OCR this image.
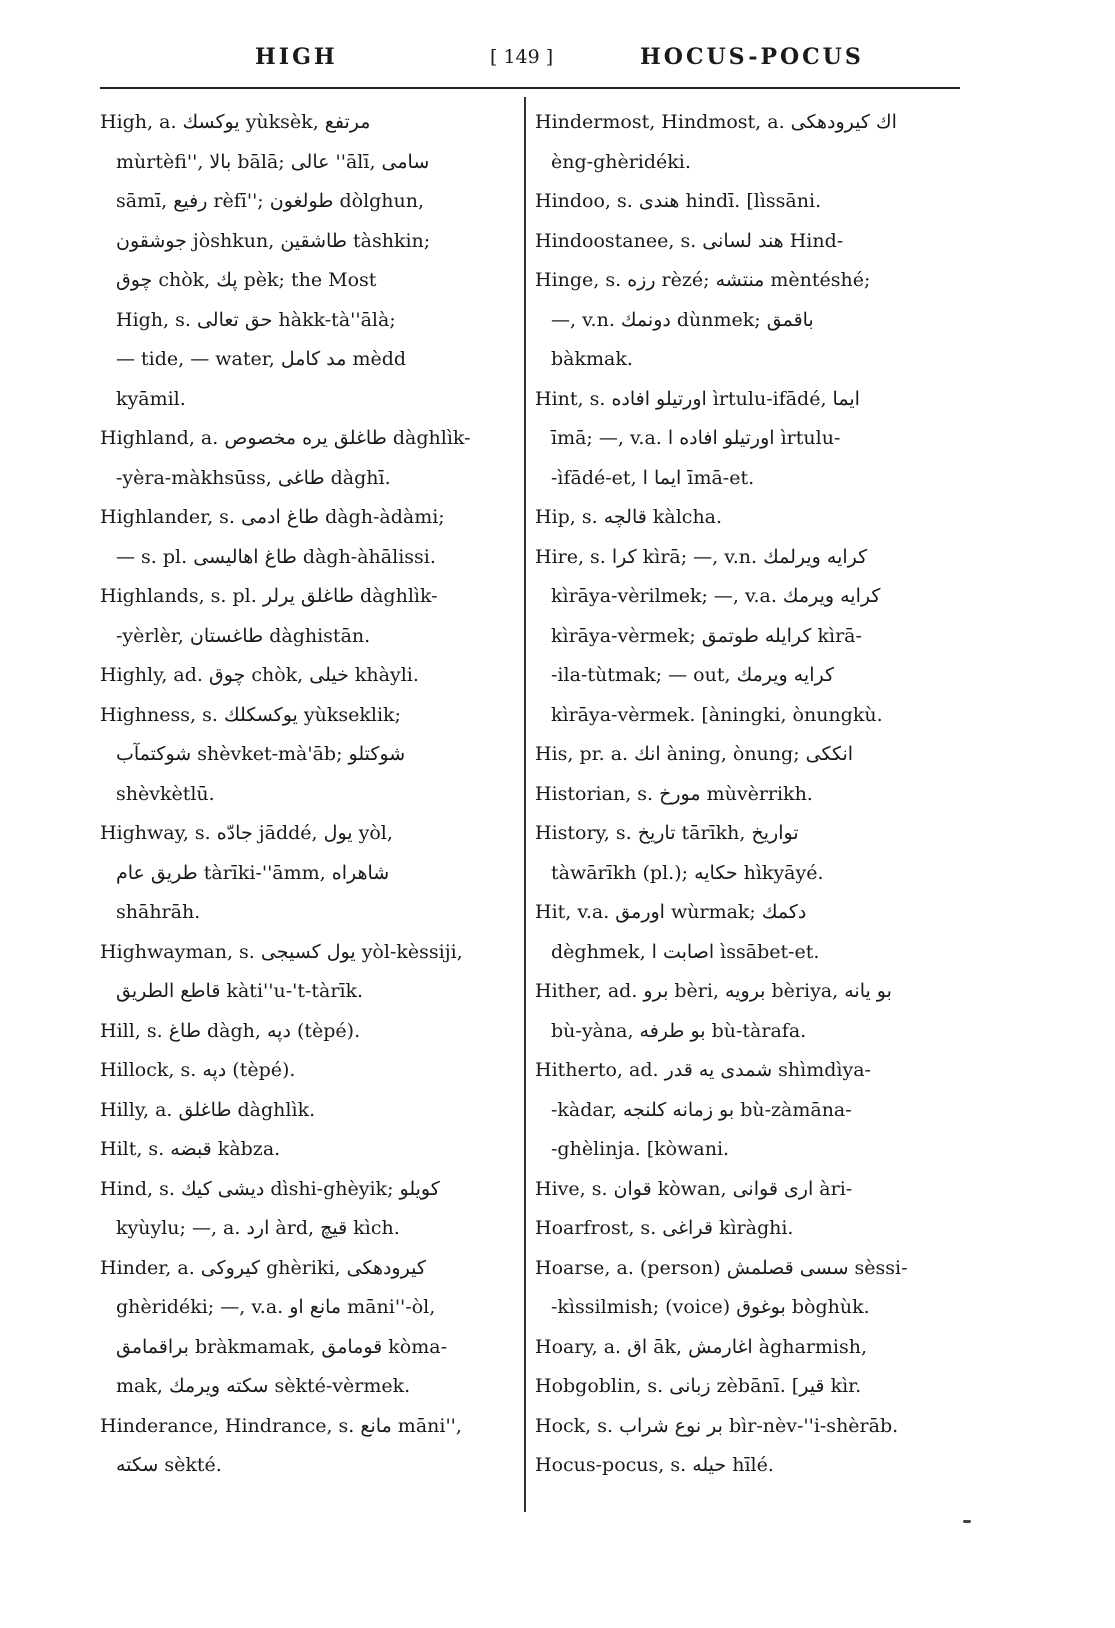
HIGH	[ 149 ]	HOCUS-POCUS
High, a. یوكسك yùksèk, مرتفع
mùrtèfi'', بالا bālā; عالی ''ālī, سامی
sāmī, رفیع rèfī''; طولغون dòlghun,
جوشقون jòshkun, طاشقین tàshkin;
چوق chòk, پك pèk; the Most
High, s. حق تعالی hàkk-tà''ālà;
— tide, — water, مد كامل mèdd
kyāmil.
Highland, a. طاغلق یره مخصوص dàghlìk-
-yèra-màkhsūss, طاغی dàghī.
Highlander, s. طاغ ادمی dàgh-àdàmi;
— s. pl. طاغ اهالیسی dàgh-àhālissi.
Highlands, s. pl. طاغلق یرلر dàghlìk-
-yèrlèr, طاغستان dàghistān.
Highly, ad. چوق chòk, خیلی khàyli.
Highness, s. یوكسكلك yùkseklik;
شوكتمآب shèvket-mà'āb; شوكتلو
shèvkètlū.
Highway, s. جادّه jāddé, یول yòl,
طریق عام tàrīki-''āmm, شاهراه
shāhrāh.
Highwayman, s. یول كسیجی yòl-kèssiji,
قاطع الطریق kàti''u-'t-tàrīk.
Hill, s. طاغ dàgh, دپه (tèpé).
Hillock, s. دپه (tèpé).
Hilly, a. طاغلق dàghlìk.
Hilt, s. قبضه kàbza.
Hind, s. دیشی كیك dìshi-ghèyik; كویلو
kyùylu; —, a. ارد àrd, قیچ kìch.
Hinder, a. كیروكی ghèriki, كیرودهكی
ghèridéki; —, v.a. مانع او māni''-òl,
براقمامق bràkmamak, قومامق kòma-
mak, سكته ویرمك sèkté-vèrmek.
Hinderance, Hindrance, s. مانع māni'',
سكته sèkté.
Hindermost, Hindmost, a. اك كیرودهكی
èng-ghèridéki.
Hindoo, s. هندی hindī. [lìssāni.
Hindoostanee, s. هند لسانی Hind-
Hinge, s. رزه rèzé; منتشه mèntéshé;
—, v.n. دونمك dùnmek; باقمق
bàkmak.
Hint, s. اورتیلو افاده ìrtulu-ifādé, ایما
īmā; —, v.a. اورتیلو افاده ا ìrtulu-
-ìfādé-et, ایما ا īmā-et.
Hip, s. قالچه kàlcha.
Hire, s. كرا kìrā; —, v.n. كرایه ویرلمك
kìrāya-vèrilmek; —, v.a. كرایه ویرمك
kìrāya-vèrmek; كرایله طوتمق kìrā-
-ila-tùtmak; — out, كرایه ویرمك
kìrāya-vèrmek. [àningki, ònungkù.
His, pr. a. انك àning, ònung; انككی
Historian, s. مورخ mùvèrrikh.
History, s. تاریخ tārīkh, تواریخ
tàwārīkh (pl.); حكایه hìkyāyé.
Hit, v.a. اورمق wùrmak; دكمك
dèghmek, اصابت ا ìssābet-et.
Hither, ad. برو bèri, برویه bèriya, بو یانه
bù-yàna, بو طرفه bù-tàrafa.
Hitherto, ad. شمدی یه قدر shìmdìya-
-kàdar, بو زمانه كلنجه bù-zàmāna-
-ghèlinja. [kòwani.
Hive, s. قوان kòwan, اری قوانی àri-
Hoarfrost, s. قراغی kìràghi.
Hoarse, a. (person) سسی قصلمش sèssi-
-kìssilmish; (voice) بوغوق bòghùk.
Hoary, a. اق āk, اغارمش àgharmish,
Hobgoblin, s. زبانی zèbānī. [قیر kìr.
Hock, s. بر نوع شراب bìr-nèv-''i-shèrāb.
Hocus-pocus, s. حیله hīlé.
